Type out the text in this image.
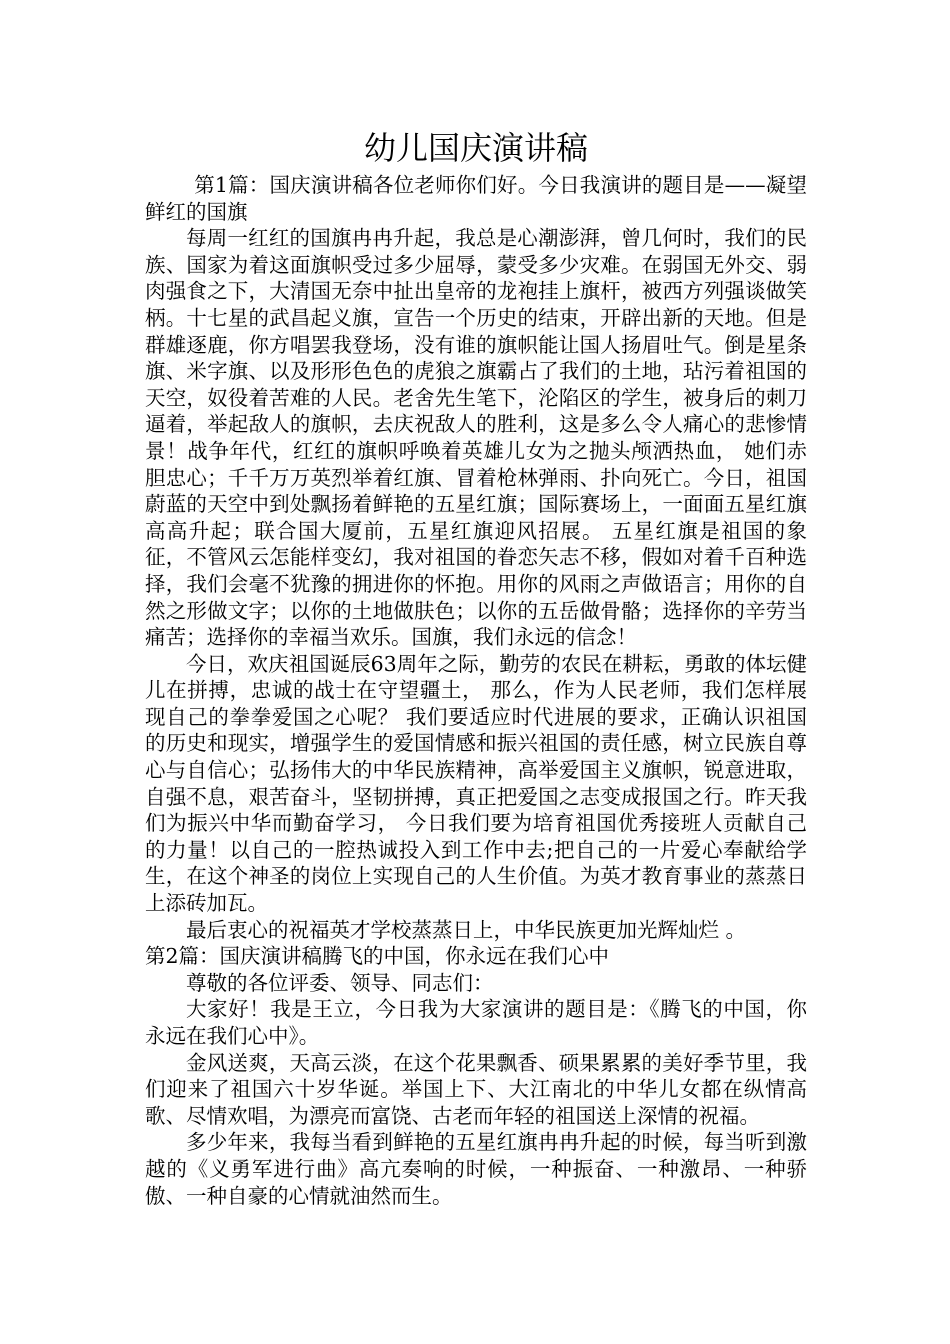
幼儿国庆演讲稿

第1篇：国庆演讲稿各位老师你们好。今日我演讲的题目是——凝望鲜红的国旗

每周一红红的国旗冉冉升起，我总是心潮澎湃，曾几何时，我们的民族、国家为着这面旗帜受过多少屈辱，蒙受多少灾难。在弱国无外交、弱肉强食之下，大清国无奈中扯出皇帝的龙袍挂上旗杆，被西方列强谈做笑柄。十七星的武昌起义旗，宣告一个历史的结束，开辟出新的天地。但是群雄逐鹿，你方唱罢我登场，没有谁的旗帜能让国人扬眉吐气。倒是星条旗、米字旗、以及形形色色的虎狼之旗霸占了我们的土地，玷污着祖国的天空，奴役着苦难的人民。老舍先生笔下，沦陷区的学生，被身后的刺刀逼着，举起敌人的旗帜，去庆祝敌人的胜利，这是多么令人痛心的悲惨情景！战争年代，红红的旗帜呼唤着英雄儿女为之抛头颅洒热血， 她们赤胆忠心；千千万万英烈举着红旗、冒着枪林弹雨、扑向死亡。今日，祖国蔚蓝的天空中到处飘扬着鲜艳的五星红旗；国际赛场上，一面面五星红旗高高升起；联合国大厦前，五星红旗迎风招展。 五星红旗是祖国的象征，不管风云怎能样变幻，我对祖国的眷恋矢志不移，假如对着千百种选择，我们会毫不犹豫的拥进你的怀抱。用你的风雨之声做语言；用你的自然之形做文字；以你的土地做肤色；以你的五岳做骨骼；选择你的辛劳当痛苦；选择你的幸福当欢乐。国旗，我们永远的信念！

今日，欢庆祖国诞辰63周年之际，勤劳的农民在耕耘，勇敢的体坛健儿在拼搏，忠诚的战士在守望疆土， 那么，作为人民老师，我们怎样展现自己的拳拳爱国之心呢？ 我们要适应时代进展的要求，正确认识祖国的历史和现实，增强学生的爱国情感和振兴祖国的责任感，树立民族自尊心与自信心；弘扬伟大的中华民族精神，高举爱国主义旗帜，锐意进取，自强不息，艰苦奋斗，坚韧拼搏，真正把爱国之志变成报国之行。昨天我们为振兴中华而勤奋学习， 今日我们要为培育祖国优秀接班人贡献自己的力量！以自己的一腔热诚投入到工作中去;把自己的一片爱心奉献给学生，在这个神圣的岗位上实现自己的人生价值。为英才教育事业的蒸蒸日上添砖加瓦。

最后衷心的祝福英才学校蒸蒸日上，中华民族更加光辉灿烂 。

第2篇：国庆演讲稿腾飞的中国，你永远在我们心中

尊敬的各位评委、领导、同志们：

大家好！我是王立，今日我为大家演讲的题目是：《腾飞的中国，你永远在我们心中》。

金风送爽，天高云淡，在这个花果飘香、硕果累累的美好季节里，我们迎来了祖国六十岁华诞。举国上下、大江南北的中华儿女都在纵情高歌、尽情欢唱，为漂亮而富饶、古老而年轻的祖国送上深情的祝福。

多少年来，我每当看到鲜艳的五星红旗冉冉升起的时候，每当听到激越的《义勇军进行曲》高亢奏响的时候，一种振奋、一种激昂、一种骄傲、一种自豪的心情就油然而生。
